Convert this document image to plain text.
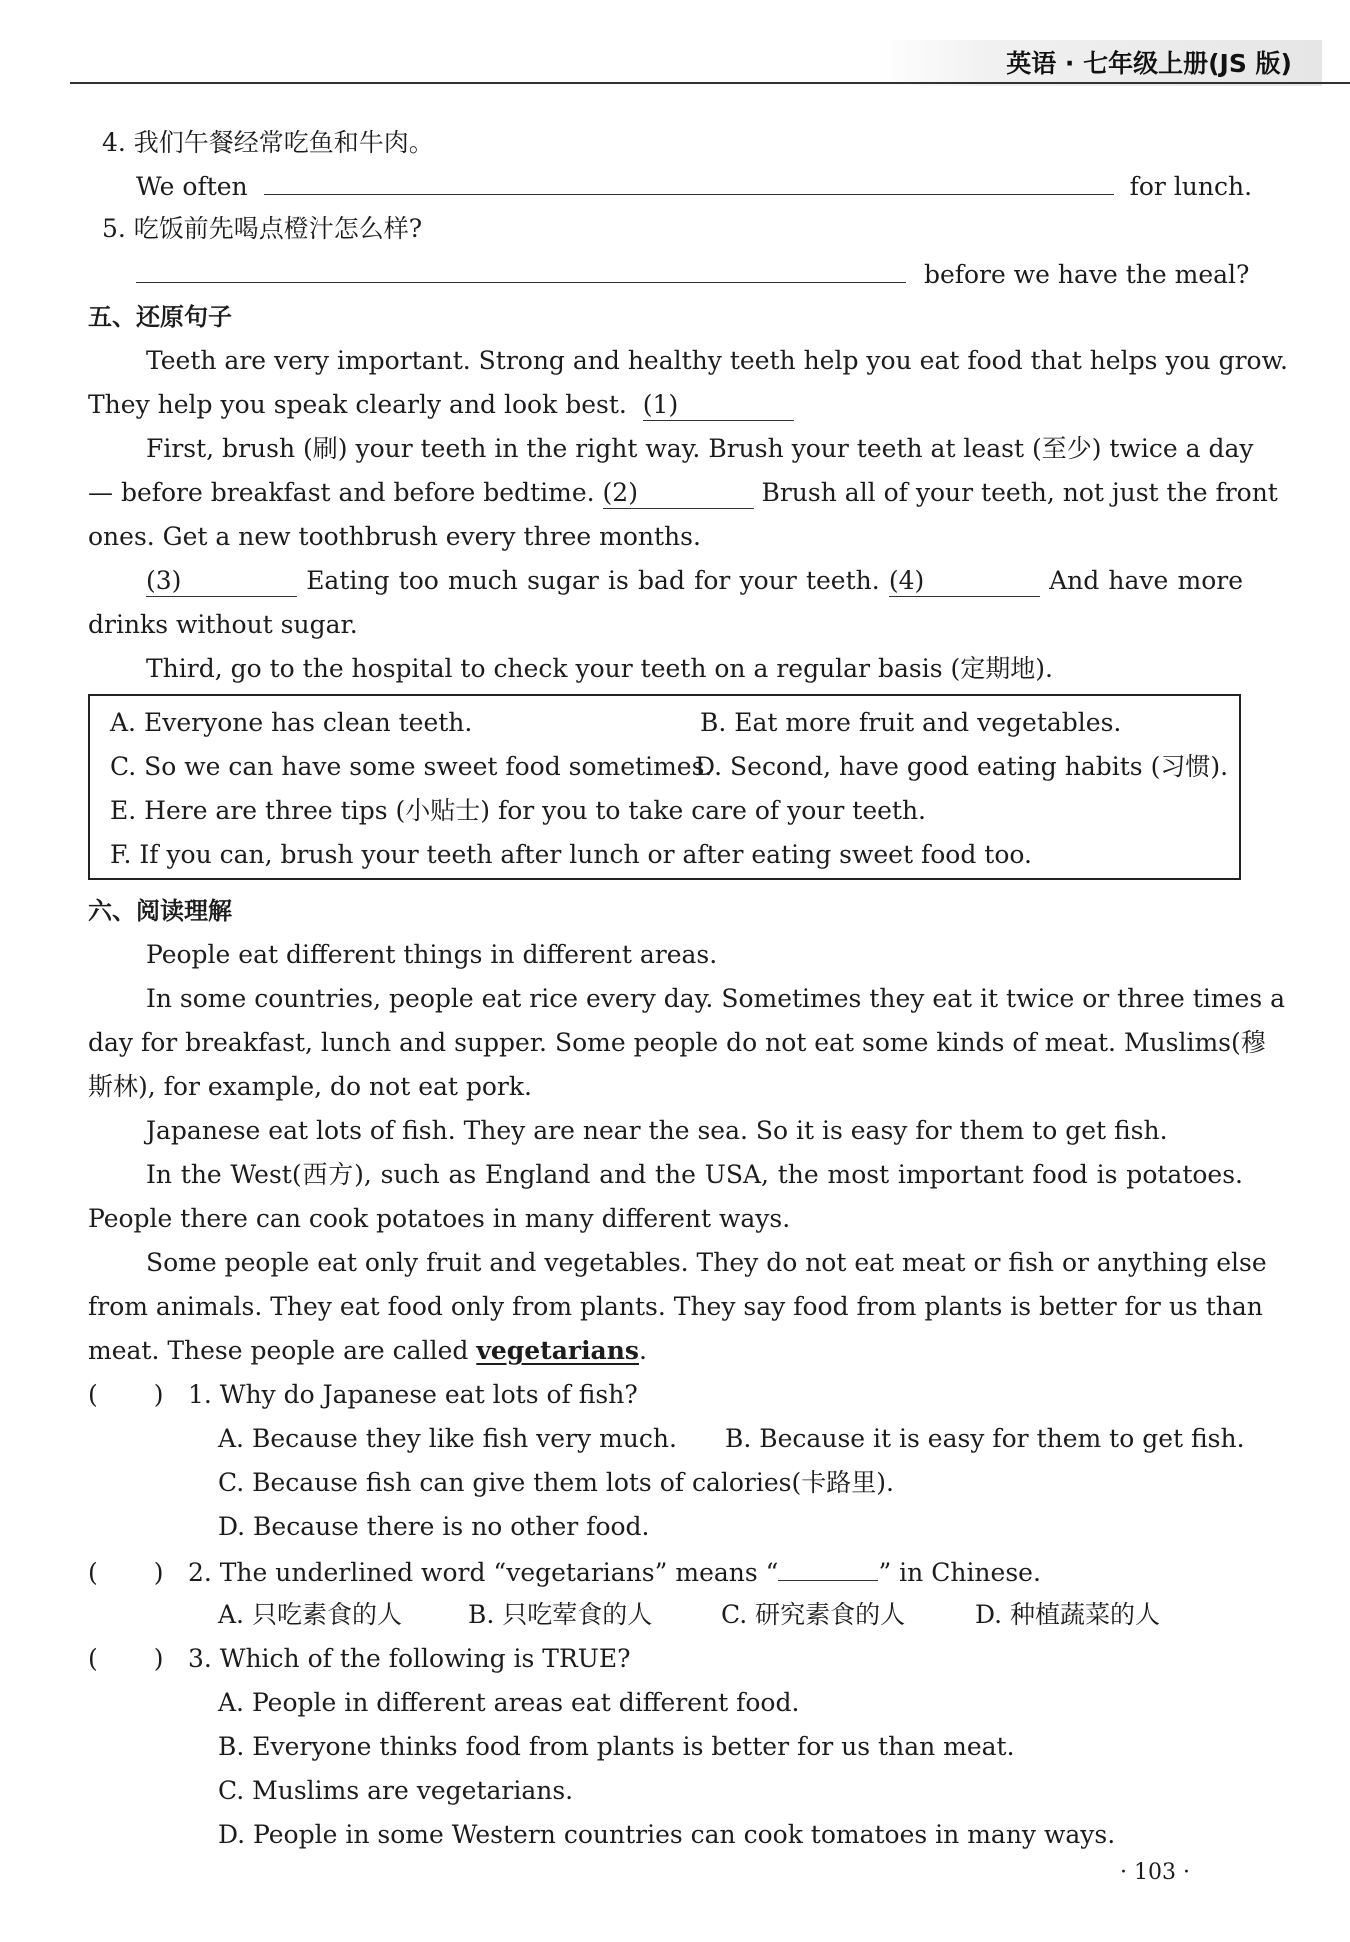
英语 · 七年级上册(JS 版)
4. 我们午餐经常吃鱼和牛肉。
We often	for lunch.
5. 吃饭前先喝点橙汁怎么样?
before we have the meal?
五、还原句子
Teeth are very important. Strong and healthy teeth help you eat food that helps you grow.
They help you speak clearly and look best. (1)
First, brush (刷) your teeth in the right way. Brush your teeth at least (至少) twice a day
— before breakfast and before bedtime. (2)	Brush all of your teeth, not just the front
ones. Get a new toothbrush every three months.
(3)	Eating too much sugar is bad for your teeth. (4)	And have more
drinks without sugar.
Third, go to the hospital to check your teeth on a regular basis (定期地).
A. Everyone has clean teeth.	B. Eat more fruit and vegetables.
C. So we can have some sweet food sometimes.
D. Second, have good eating habits (习惯).
E. Here are three tips (小贴士) for you to take care of your teeth.
F. If you can, brush your teeth after lunch or after eating sweet food too.
六、阅读理解
People eat different things in different areas.
In some countries, people eat rice every day. Sometimes they eat it twice or three times a
day for breakfast, lunch and supper. Some people do not eat some kinds of meat. Muslims(穆
斯林), for example, do not eat pork.
Japanese eat lots of fish. They are near the sea. So it is easy for them to get fish.
In the West(西方), such as England and the USA, the most important food is potatoes.
People there can cook potatoes in many different ways.
Some people eat only fruit and vegetables. They do not eat meat or fish or anything else
from animals. They eat food only from plants. They say food from plants is better for us than
meat. These people are called vegetarians.
( ) 1. Why do Japanese eat lots of fish?
A. Because they like fish very much. B. Because it is easy for them to get fish.
C. Because fish can give them lots of calories(卡路里).
D. Because there is no other food.
( ) 2. The underlined word “vegetarians” means “	” in Chinese.
A. 只吃素食的人	B. 只吃荤食的人	C. 研究素食的人	D. 种植蔬菜的人
( ) 3. Which of the following is TRUE?
A. People in different areas eat different food.
B. Everyone thinks food from plants is better for us than meat.
C. Muslims are vegetarians.
D. People in some Western countries can cook tomatoes in many ways.
· 103 ·
